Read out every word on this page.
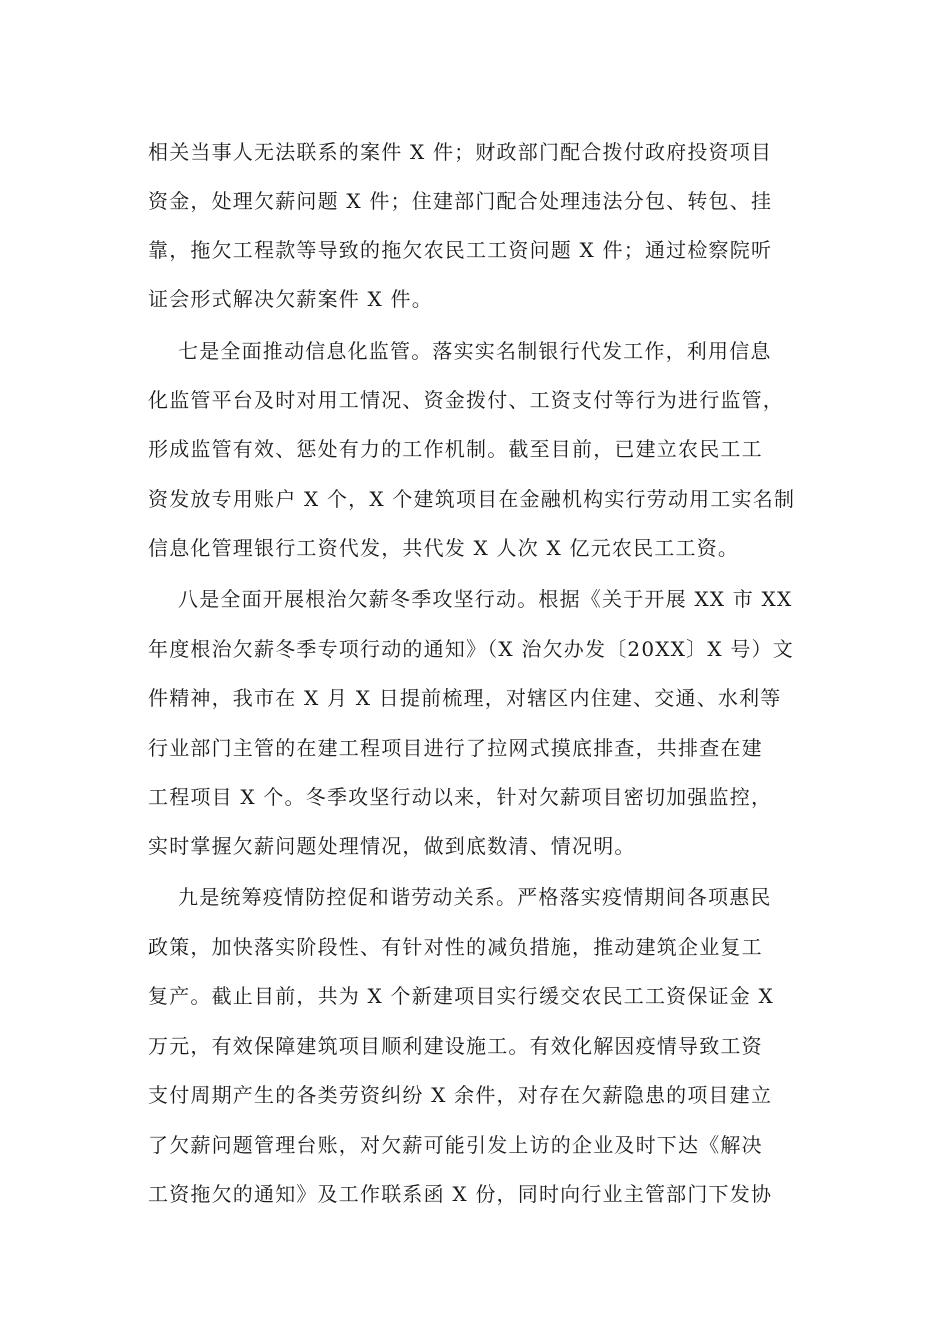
相关当事人无法联系的案件 X 件；财政部门配合拨付政府投资项目
资金，处理欠薪问题 X 件；住建部门配合处理违法分包、转包、挂
靠，拖欠工程款等导致的拖欠农民工工资问题 X 件；通过检察院听
证会形式解决欠薪案件 X 件。
七是全面推动信息化监管。落实实名制银行代发工作，利用信息
化监管平台及时对用工情况、资金拨付、工资支付等行为进行监管，
形成监管有效、惩处有力的工作机制。截至目前，已建立农民工工
资发放专用账户 X 个，X 个建筑项目在金融机构实行劳动用工实名制
信息化管理银行工资代发，共代发 X 人次 X 亿元农民工工资。
八是全面开展根治欠薪冬季攻坚行动。根据《关于开展 XX 市 XX
年度根治欠薪冬季专项行动的通知》（X 治欠办发〔20XX〕X 号）文
件精神，我市在 X 月 X 日提前梳理，对辖区内住建、交通、水利等
行业部门主管的在建工程项目进行了拉网式摸底排查，共排查在建
工程项目 X 个。冬季攻坚行动以来，针对欠薪项目密切加强监控，
实时掌握欠薪问题处理情况，做到底数清、情况明。
九是统筹疫情防控促和谐劳动关系。严格落实疫情期间各项惠民
政策，加快落实阶段性、有针对性的减负措施，推动建筑企业复工
复产。截止目前，共为 X 个新建项目实行缓交农民工工资保证金 X
万元，有效保障建筑项目顺利建设施工。有效化解因疫情导致工资
支付周期产生的各类劳资纠纷 X 余件，对存在欠薪隐患的项目建立
了欠薪问题管理台账，对欠薪可能引发上访的企业及时下达《解决
工资拖欠的通知》及工作联系函 X 份，同时向行业主管部门下发协
